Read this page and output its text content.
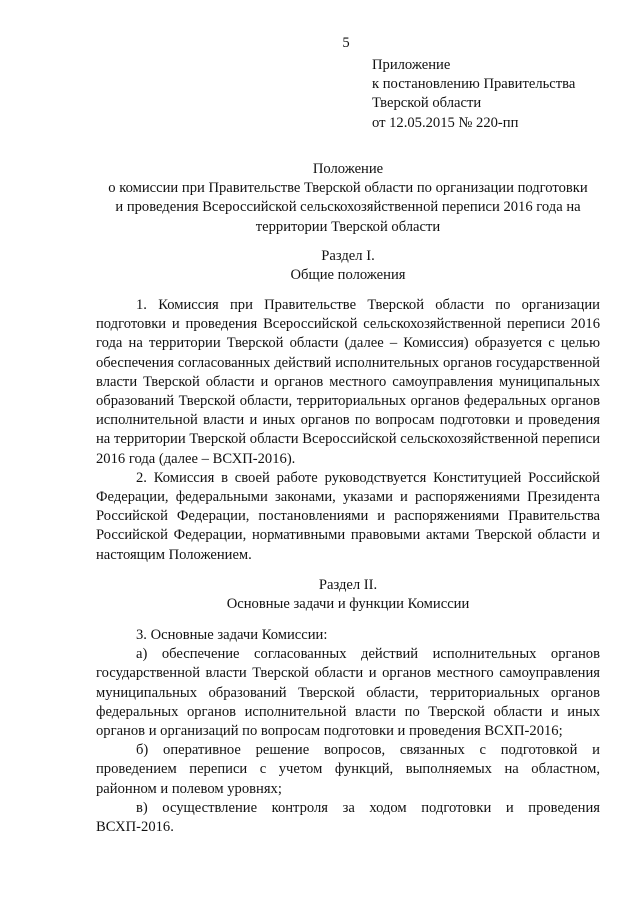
5
Приложение
к постановлению Правительства
Тверской области
от 12.05.2015 № 220-пп
Положение
о комиссии при Правительстве Тверской области по организации подготовки
и проведения Всероссийской сельскохозяйственной переписи 2016 года на
территории Тверской области
Раздел I.
Общие положения

1. Комиссия при Правительстве Тверской области по организации подготовки и проведения Всероссийской сельскохозяйственной переписи 2016 года на территории Тверской области (далее – Комиссия) образуется с целью обеспечения согласованных действий исполнительных органов государственной власти Тверской области и органов местного самоуправления муниципальных образований Тверской области, территориальных органов федеральных органов исполнительной власти и иных органов по вопросам подготовки и проведения на территории Тверской области Всероссийской сельскохозяйственной переписи 2016 года (далее – ВСХП-2016).

2. Комиссия в своей работе руководствуется Конституцией Российской Федерации, федеральными законами, указами и распоряжениями Президента Российской Федерации, постановлениями и распоряжениями Правительства Российской Федерации, нормативными правовыми актами Тверской области и настоящим Положением.

Раздел II.
Основные задачи и функции Комиссии

3. Основные задачи Комиссии:

а) обеспечение согласованных действий исполнительных органов государственной власти Тверской области и органов местного самоуправления муниципальных образований Тверской области, территориальных органов федеральных органов исполнительной власти по Тверской области и иных органов и организаций по вопросам подготовки и проведения ВСХП-2016;

б) оперативное решение вопросов, связанных с подготовкой и проведением переписи с учетом функций, выполняемых на областном, районном и полевом уровнях;

в) осуществление контроля за ходом подготовки и проведения ВСХП-2016.
